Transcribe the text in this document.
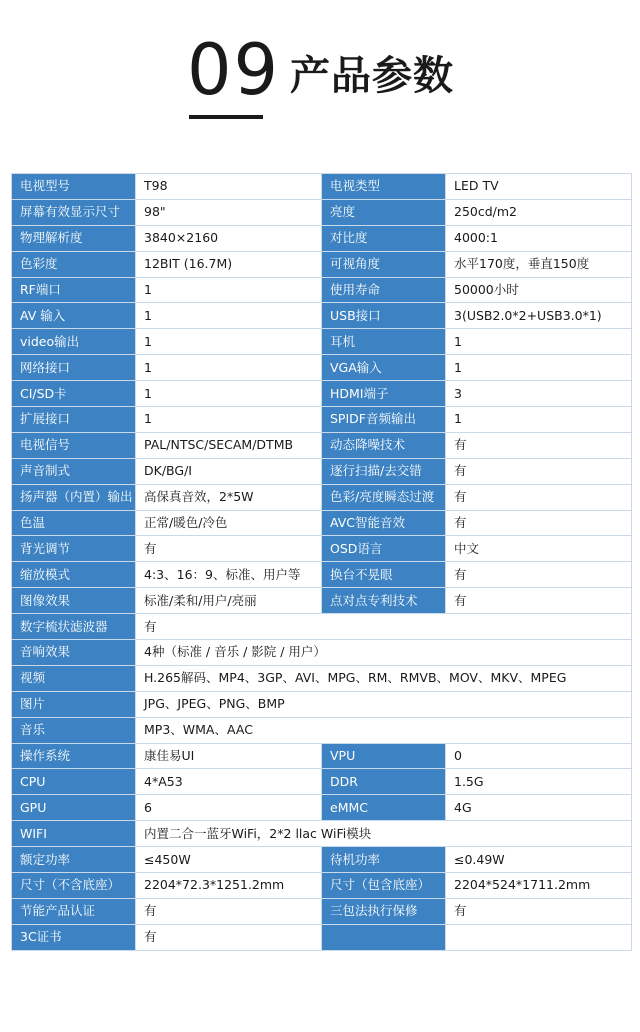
09 产品参数
电视型号	T98	电视类型	LED TV
屏幕有效显示尺寸	98"	亮度	250cd/m2
物理解析度	3840×2160	对比度	4000:1
色彩度	12BIT (16.7M)	可视角度	水平170度，垂直150度
RF端口	1	使用寿命	50000小时
AV 输入	1	USB接口	3(USB2.0*2+USB3.0*1)
video输出	1	耳机	1
网络接口	1	VGA输入	1
CI/SD卡	1	HDMI端子	3
扩展接口	1	SPIDF音频输出	1
电视信号	PAL/NTSC/SECAM/DTMB	动态降噪技术	有
声音制式	DK/BG/I	逐行扫描/去交错	有
扬声器（内置）输出	高保真音效，2*5W	色彩/亮度瞬态过渡	有
色温	正常/暖色/冷色	AVC智能音效	有
背光调节	有	OSD语言	中文
缩放模式	4:3、16：9、标准、用户等	换台不晃眼	有
图像效果	标准/柔和/用户/亮丽	点对点专利技术	有
数字梳状滤波器	有		
音响效果	4种（标准 / 音乐 / 影院 / 用户）		
视频	H.265解码、MP4、3GP、AVI、MPG、RM、RMVB、MOV、MKV、MPEG		
图片	JPG、JPEG、PNG、BMP		
音乐	MP3、WMA、AAC		
操作系统	康佳易UI	VPU	0
CPU	4*A53	DDR	1.5G
GPU	6	eMMC	4G
WIFI	内置二合一蓝牙WiFi，2*2 llac WiFi模块		
额定功率	≤450W	待机功率	≤0.49W
尺寸（不含底座）	2204*72.3*1251.2mm	尺寸（包含底座）	2204*524*1711.2mm
节能产品认证	有	三包法执行保修	有
3C证书	有		
